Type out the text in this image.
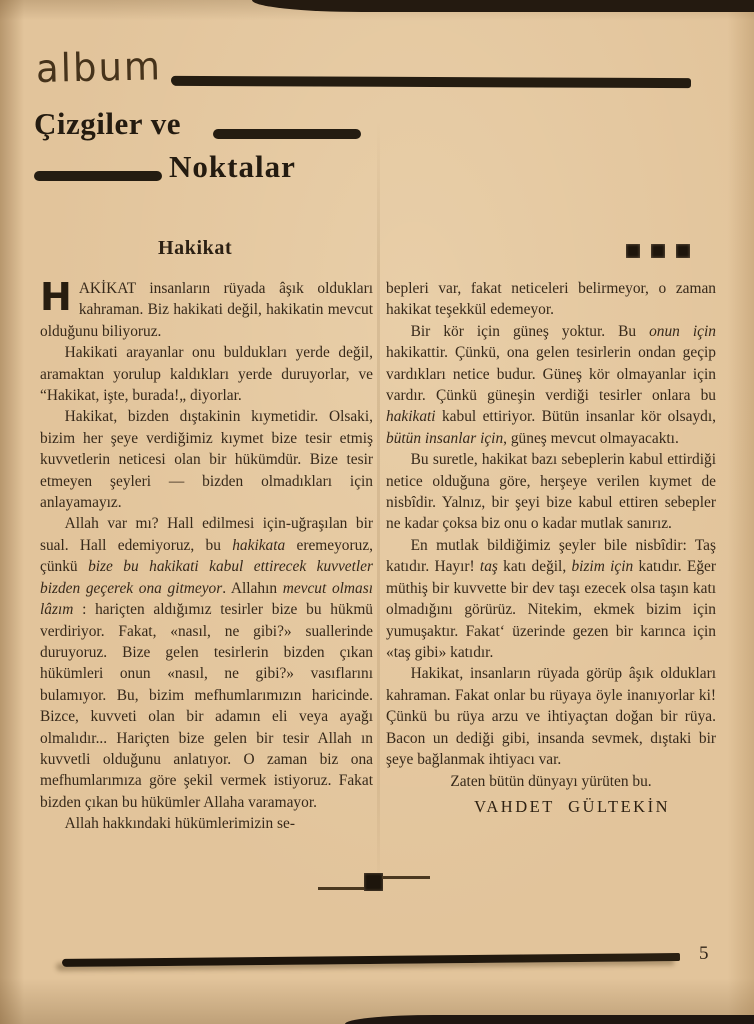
album
Çizgiler ve
Noktalar
Hakikat

HAKİKAT insanların rüyada âşık oldukları kahraman. Biz hakikati değil, hakikatin mevcut olduğunu biliyoruz.

Hakikati arayanlar onu buldukları yerde değil, aramaktan yorulup kaldıkları yerde duruyorlar, ve “Hakikat, işte, burada!„ diyorlar.

Hakikat, bizden dıştakinin kıymetidir. Olsaki, bizim her şeye verdiğimiz kıymet bize tesir etmiş kuvvetlerin neticesi olan bir hükümdür. Bize tesir etmeyen şeyleri — bizden olmadıkları için anlayamayız.

Allah var mı? Hall edilmesi için-uğraşılan bir sual. Hall edemiyoruz, bu hakikata eremeyoruz, çünkü bize bu hakikati kabul ettirecek kuvvetler bizden geçerek ona gitmeyor. Allahın mevcut olması lâzım : hariçten aldığımız tesirler bize bu hükmü verdiriyor. Fakat, «nasıl, ne gibi?» suallerinde duruyoruz. Bize gelen tesirlerin bizden çıkan hükümleri onun «nasıl, ne gibi?» vasıflarını bulamıyor. Bu, bizim mefhumlarımızın haricinde. Bizce, kuvveti olan bir adamın eli veya ayağı olmalıdır... Hariçten bize gelen bir tesir Allah ın kuvvetli olduğunu anlatıyor. O zaman biz ona mefhumlarımıza göre şekil vermek istiyoruz. Fakat bizden çıkan bu hükümler Allaha varamayor.

Allah hakkındaki hükümlerimizin se-

bepleri var, fakat neticeleri belirmeyor, o zaman hakikat teşekkül edemeyor.

Bir kör için güneş yoktur. Bu onun için hakikattir. Çünkü, ona gelen tesirlerin ondan geçip vardıkları netice budur. Güneş kör olmayanlar için vardır. Çünkü güneşin verdiği tesirler onlara bu hakikati kabul ettiriyor. Bütün insanlar kör olsaydı, bütün insanlar için, güneş mevcut olmayacaktı.

Bu suretle, hakikat bazı sebeplerin kabul ettirdiği netice olduğuna göre, herşeye verilen kıymet de nisbîdir. Yalnız, bir şeyi bize kabul ettiren sebepler ne kadar çoksa biz onu o kadar mutlak sanırız.

En mutlak bildiğimiz şeyler bile nisbîdir: Taş katıdır. Hayır! taş katı değil, bizim için katıdır. Eğer müthiş bir kuvvette bir dev taşı ezecek olsa taşın katı olmadığını görürüz. Nitekim, ekmek bizim için yumuşaktır. Fakat‘ üzerinde gezen bir karınca için «taş gibi» katıdır.

Hakikat, insanların rüyada görüp âşık oldukları kahraman. Fakat onlar bu rüyaya öyle inanıyorlar ki! Çünkü bu rüya arzu ve ihtiyaçtan doğan bir rüya. Bacon un dediği gibi, insanda sevmek, dıştaki bir şeye bağlanmak ihtiyacı var.

Zaten bütün dünyayı yürüten bu.

VAHDET GÜLTEKİN

5
